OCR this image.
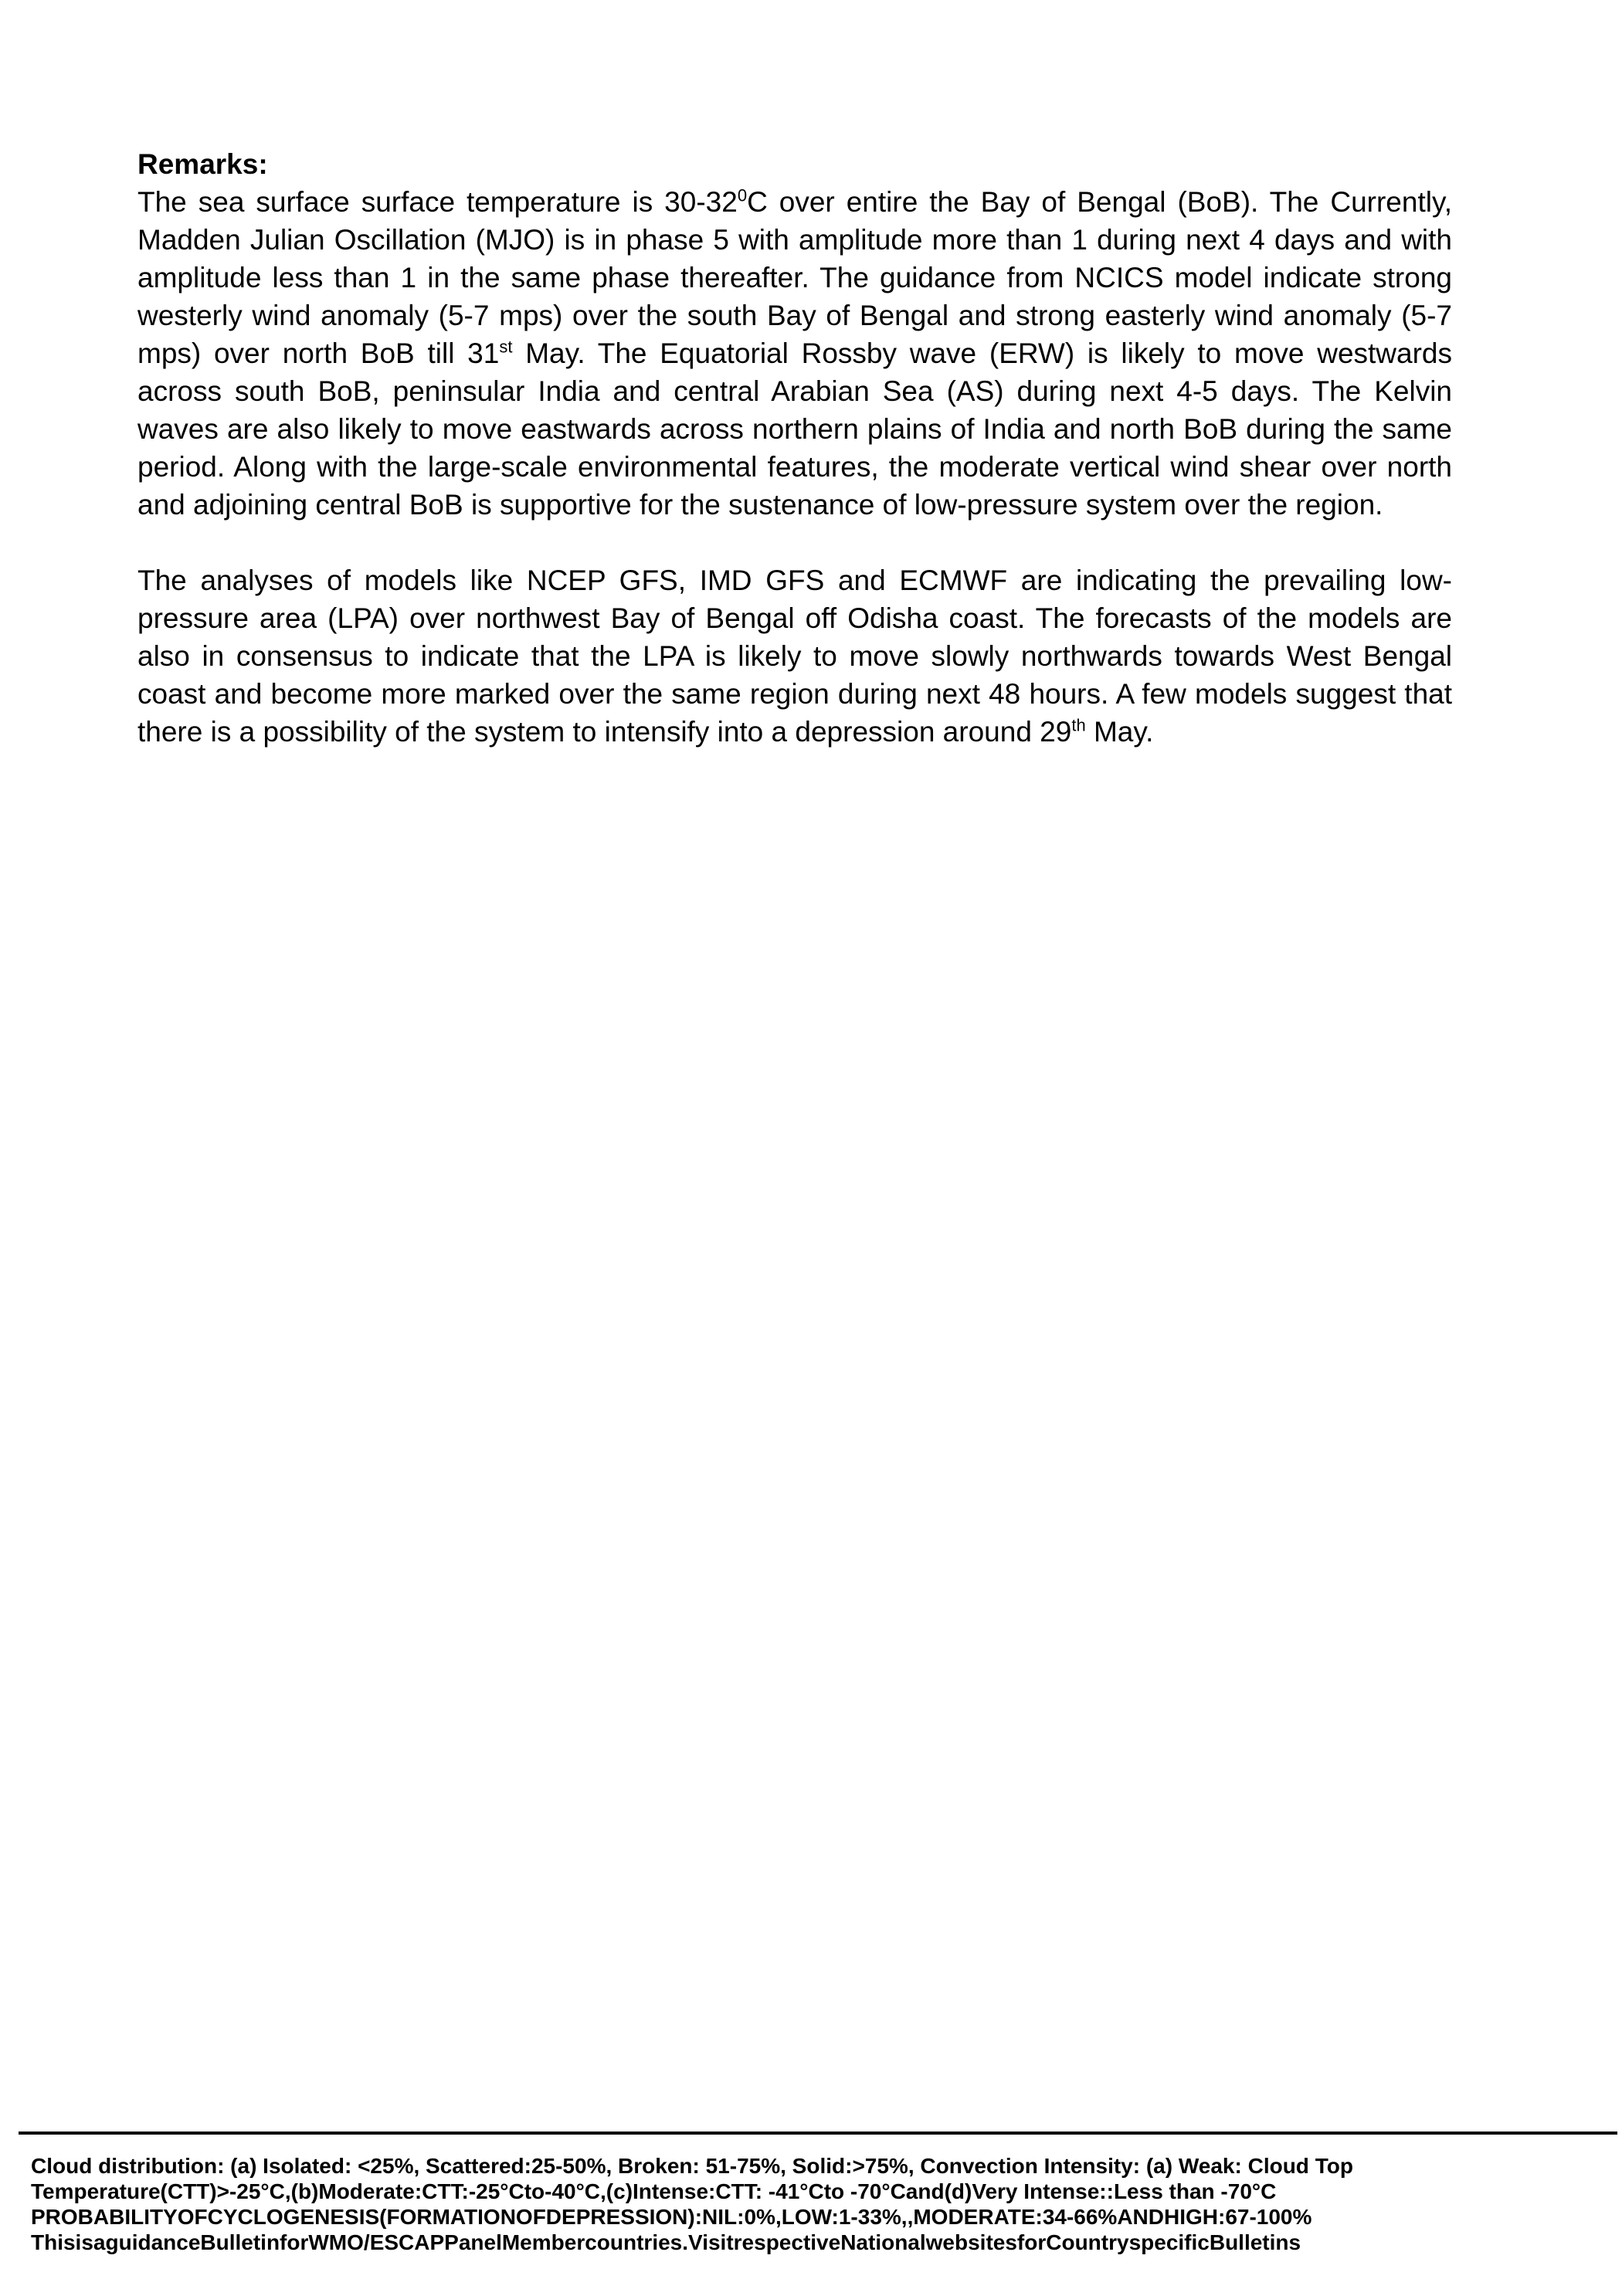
Remarks:

The sea surface surface temperature is $30-32^0C$ over entire the Bay of Bengal (BoB). The Currently, Madden Julian Oscillation (MJO) is in phase 5 with amplitude more than 1 during next 4 days and with amplitude less than 1 in the same phase thereafter. The guidance from NCICS model indicate strong westerly wind anomaly (5-7 mps) over the south Bay of Bengal and strong easterly wind anomaly (5-7 mps) over north BoB till 31st May. The Equatorial Rossby wave (ERW) is likely to move westwards across south BoB, peninsular India and central Arabian Sea (AS) during next 4-5 days. The Kelvin waves are also likely to move eastwards across northern plains of India and north BoB during the same period. Along with the large-scale environmental features, the moderate vertical wind shear over north and adjoining central BoB is supportive for the sustenance of low-pressure system over the region.

The analyses of models like NCEP GFS, IMD GFS and ECMWF are indicating the prevailing low-pressure area (LPA) over northwest Bay of Bengal off Odisha coast. The forecasts of the models are also in consensus to indicate that the LPA is likely to move slowly northwards towards West Bengal coast and become more marked over the same region during next 48 hours. A few models suggest that there is a possibility of the system to intensify into a depression around 29th May.

Cloud distribution: (a) Isolated: <25%, Scattered:25-50%, Broken: 51-75%, Solid:>75%, Convection Intensity: (a) Weak: Cloud Top

Temperature(CTT)>-25°C,(b)Moderate:CTT:-25°Cto-40°C,(c)Intense:CTT: -41°Cto -70°Cand(d)Very Intense::Less than -70°C

PROBABILITYOFCYCLOGENESIS(FORMATIONOFDEPRESSION):NIL:0%,LOW:1-33%,,MODERATE:34-66%ANDHIGH:67-100%

ThisisaguidanceBulletinforWMO/ESCAPPanelMembercountries.VisitrespectiveNationalwebsitesforCountryspecificBulletins
